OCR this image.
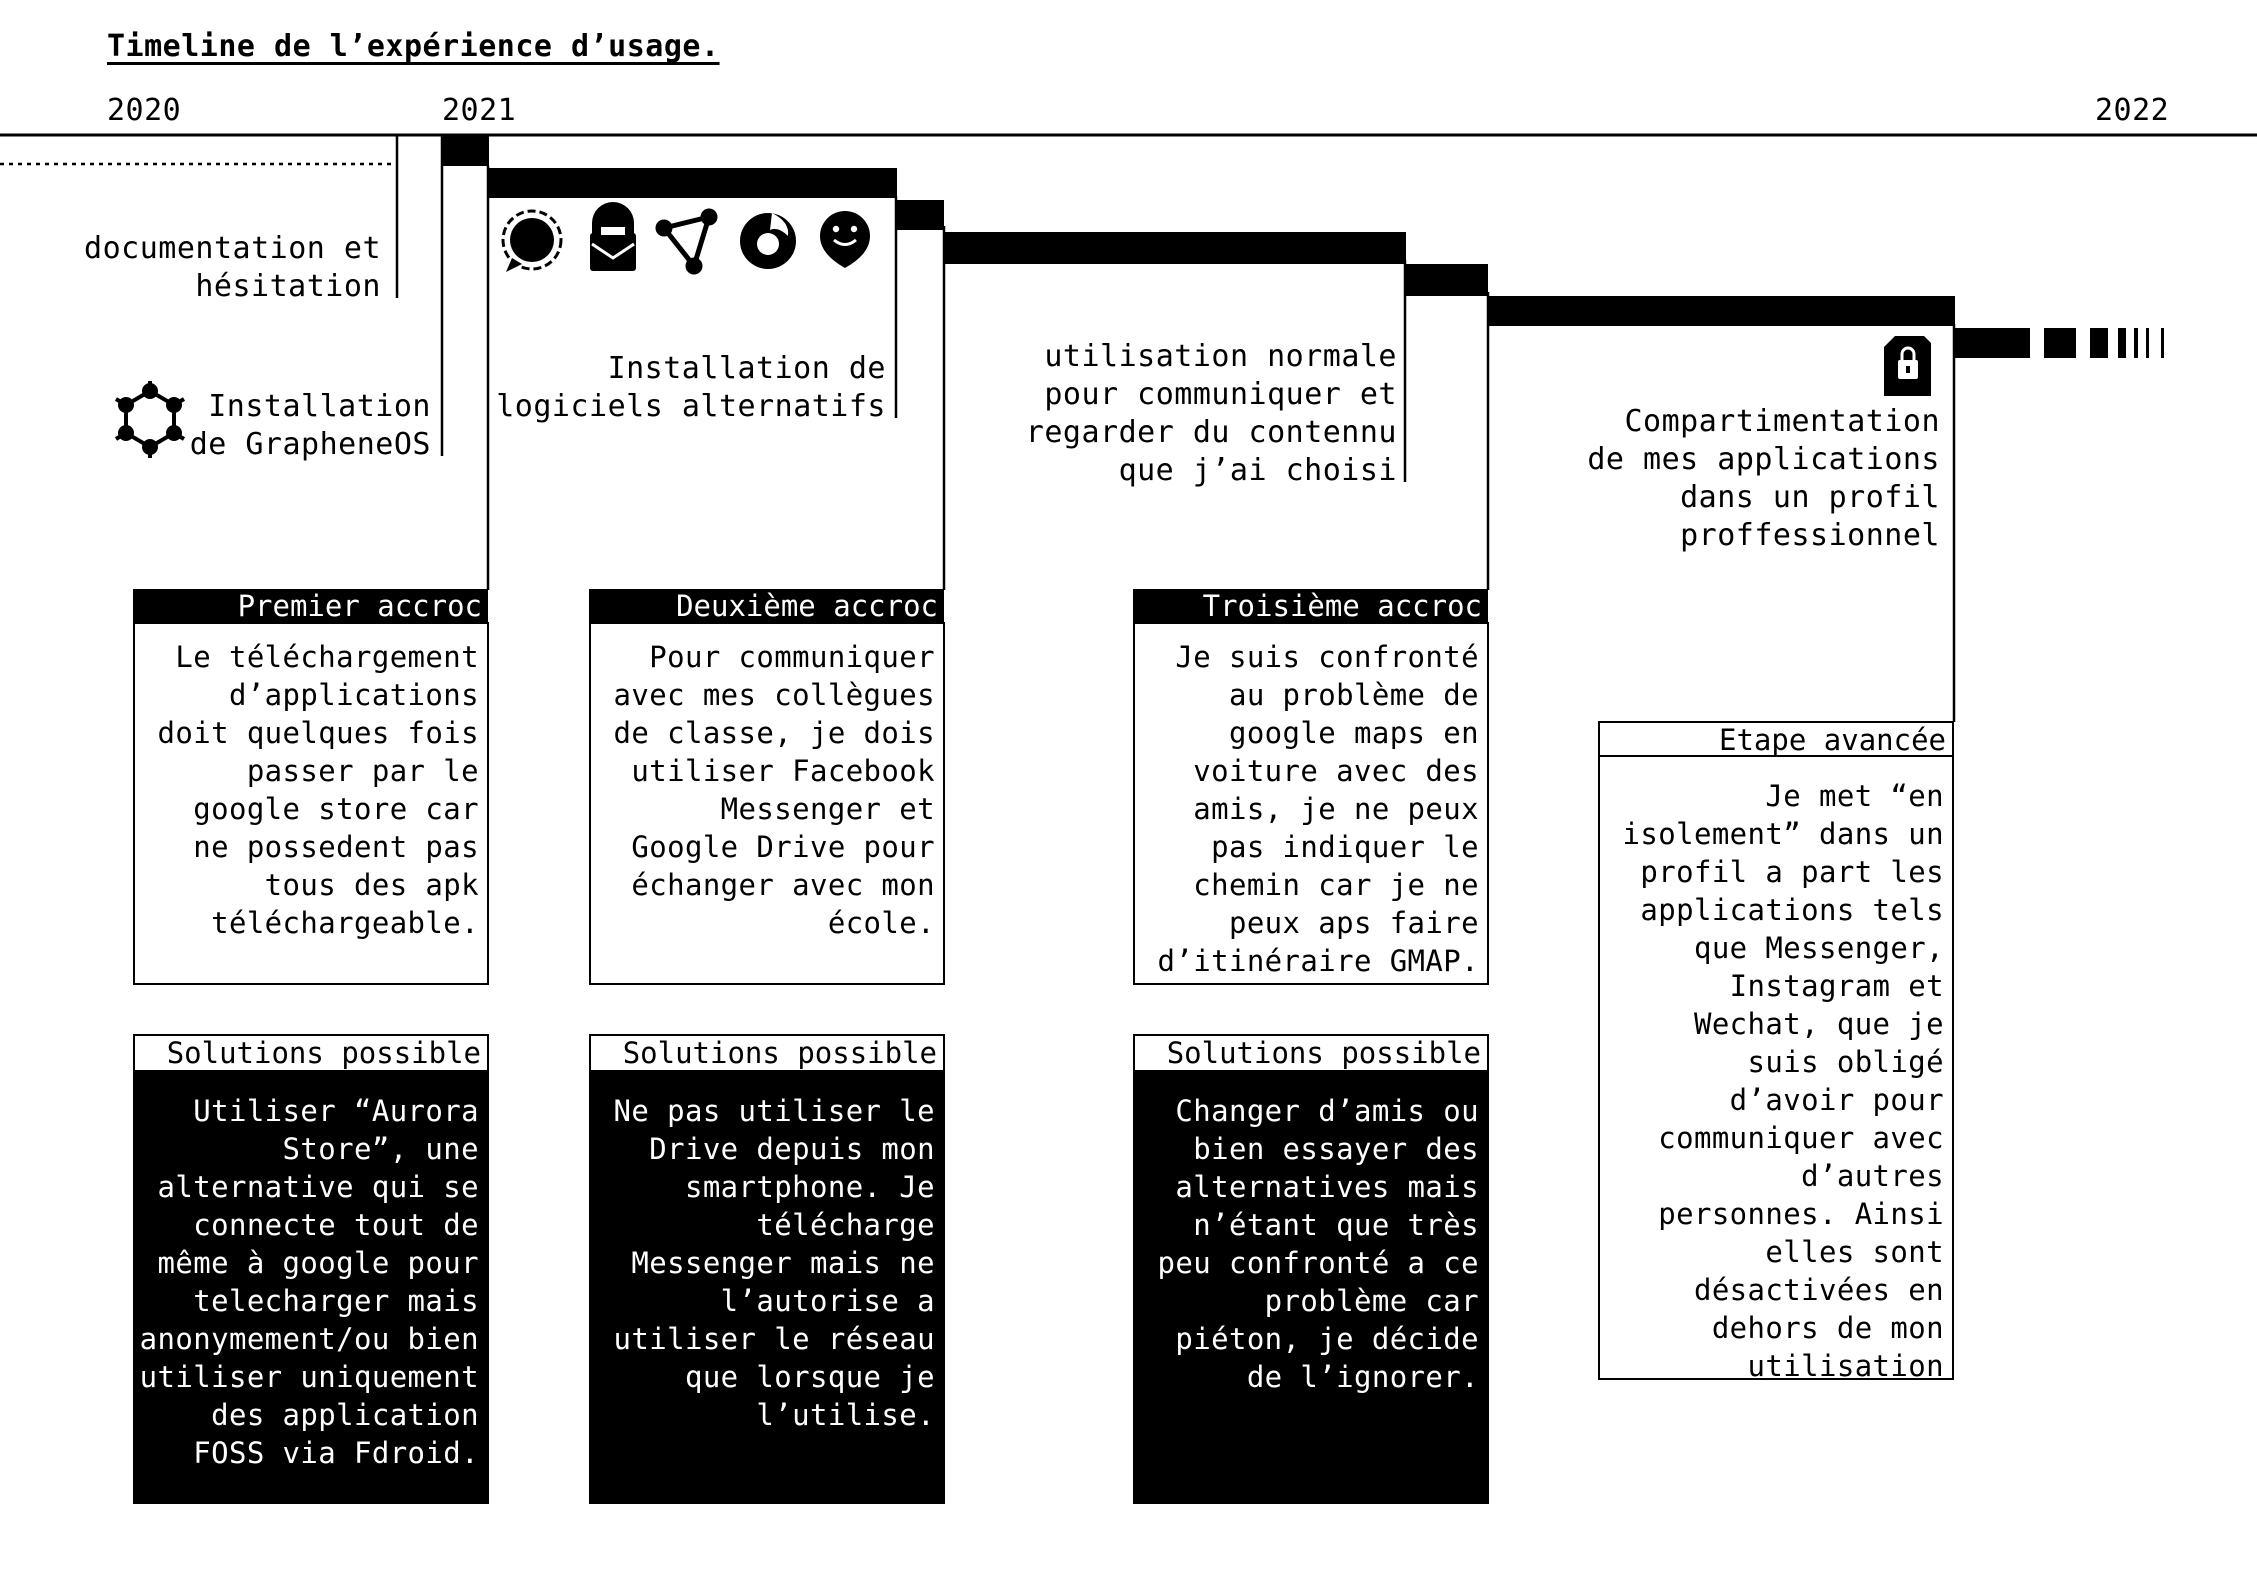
Timeline de l’expérience d’usage.
2020	2021	2022
documentation et
hésitation
Installation
de GrapheneOS
Installation de
logiciels alternatifs
utilisation normale
pour communiquer et
regarder du contennu
que j’ai choisi
Compartimentation
de mes applications
dans un profil
proffessionnel
Premier accroc
Le téléchargement
d’applications
doit quelques fois
passer par le
google store car
ne possedent pas
tous des apk
téléchargeable.
Solutions possible
Utiliser “Aurora
Store”, une
alternative qui se
connecte tout de
même à google pour
telecharger mais
anonymement/ou bien
utiliser uniquement
des application
FOSS via Fdroid.
Deuxième accroc
Pour communiquer
avec mes collègues
de classe, je dois
utiliser Facebook
Messenger et
Google Drive pour
échanger avec mon
école.
Solutions possible
Ne pas utiliser le
Drive depuis mon
smartphone. Je
télécharge
Messenger mais ne
l’autorise a
utiliser le réseau
que lorsque je
l’utilise.
Troisième accroc
Je suis confronté
au problème de
google maps en
voiture avec des
amis, je ne peux
pas indiquer le
chemin car je ne
peux aps faire
d’itinéraire GMAP.
Solutions possible
Changer d’amis ou
bien essayer des
alternatives mais
n’étant que très
peu confronté a ce
problème car
piéton, je décide
de l’ignorer.
Etape avancée
Je met “en
isolement” dans un
profil a part les
applications tels
que Messenger,
Instagram et
Wechat, que je
suis obligé
d’avoir pour
communiquer avec
d’autres
personnes. Ainsi
elles sont
désactivées en
dehors de mon
utilisation
